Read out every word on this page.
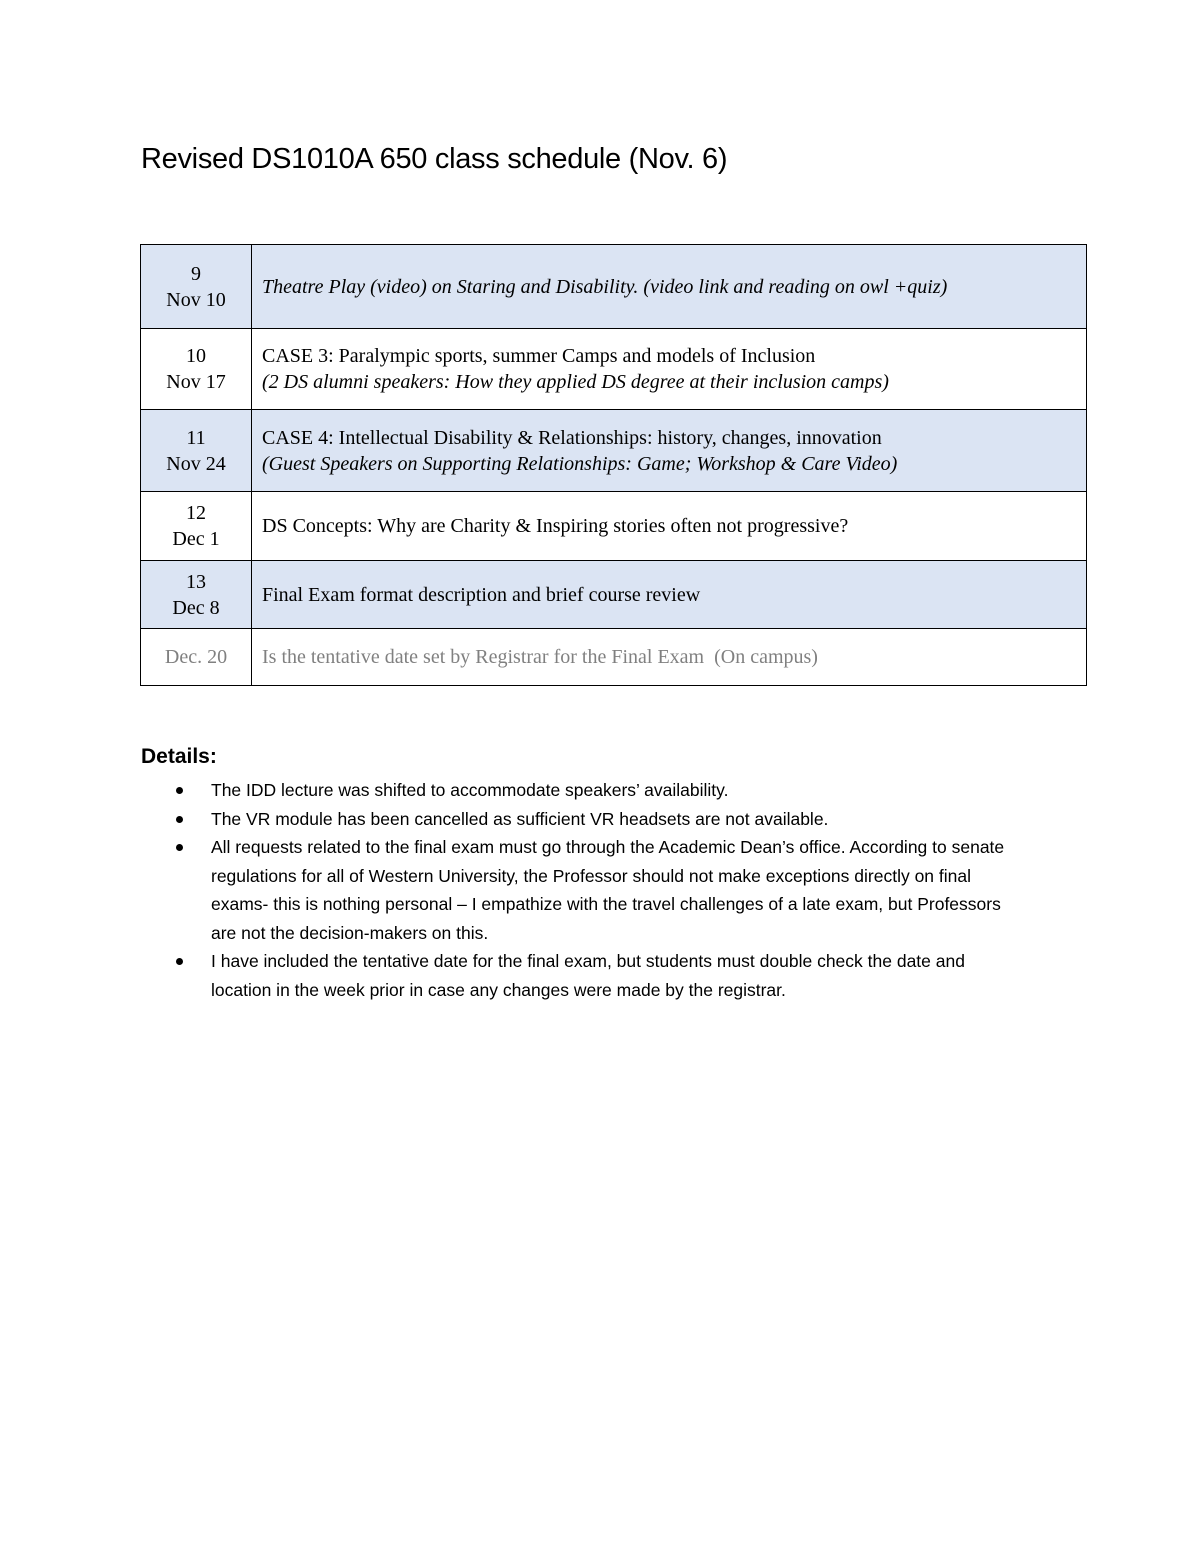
Revised DS1010A 650 class schedule (Nov. 6)
9
Nov 10	Theatre Play (video) on Staring and Disability. (video link and reading on owl +quiz)

10
Nov 17	CASE 3: Paralympic sports, summer Camps and models of Inclusion
(2 DS alumni speakers: How they applied DS degree at their inclusion camps)

11
Nov 24	CASE 4: Intellectual Disability & Relationships: history, changes, innovation
(Guest Speakers on Supporting Relationships: Game; Workshop & Care Video)

12
Dec 1	DS Concepts: Why are Charity & Inspiring stories often not progressive?

13
Dec 8	Final Exam format description and brief course review

Dec. 20	Is the tentative date set by Registrar for the Final Exam  (On campus)
Details:
The IDD lecture was shifted to accommodate speakers’ availability.
The VR module has been cancelled as sufficient VR headsets are not available.
All requests related to the final exam must go through the Academic Dean’s office. According to senate regulations for all of Western University, the Professor should not make exceptions directly on final exams- this is nothing personal – I empathize with the travel challenges of a late exam, but Professors are not the decision-makers on this.
I have included the tentative date for the final exam, but students must double check the date and location in the week prior in case any changes were made by the registrar.
